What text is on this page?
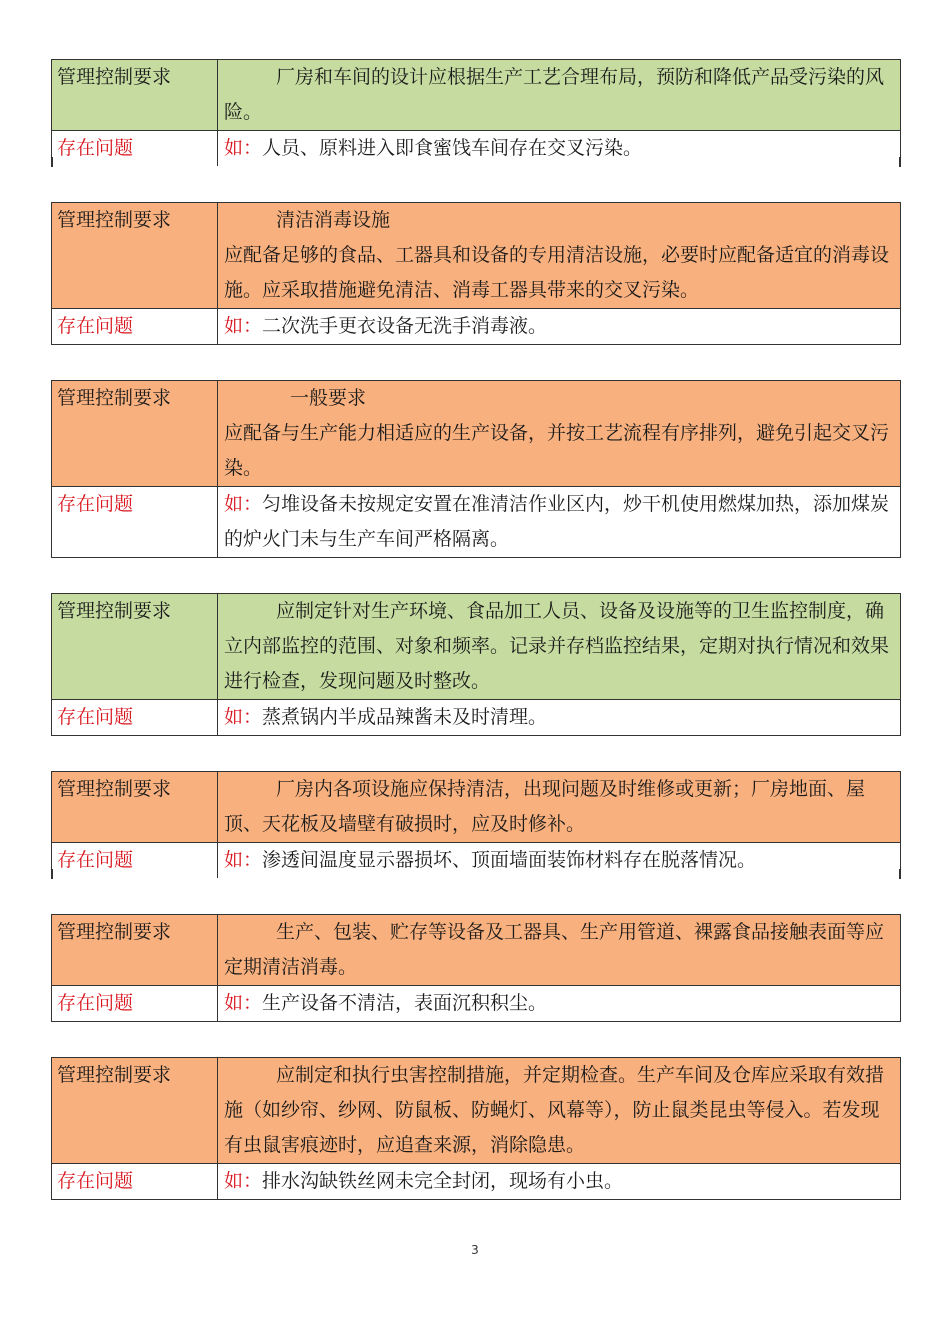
管理控制要求	厂房和车间的设计应根据生产工艺合理布局，预防和降低产品受污染的风险。
存在问题	如：人员、原料进入即食蜜饯车间存在交叉污染。
管理控制要求	清洁消毒设施
应配备足够的食品、工器具和设备的专用清洁设施，必要时应配备适宜的消毒设施。应采取措施避免清洁、消毒工器具带来的交叉污染。
存在问题	如：二次洗手更衣设备无洗手消毒液。
管理控制要求	一般要求
应配备与生产能力相适应的生产设备，并按工艺流程有序排列，避免引起交叉污染。
存在问题	如：匀堆设备未按规定安置在准清洁作业区内，炒干机使用燃煤加热，添加煤炭的炉火门未与生产车间严格隔离。
管理控制要求	应制定针对生产环境、食品加工人员、设备及设施等的卫生监控制度，确立内部监控的范围、对象和频率。记录并存档监控结果，定期对执行情况和效果进行检查，发现问题及时整改。
存在问题	如：蒸煮锅内半成品辣酱未及时清理。
管理控制要求	厂房内各项设施应保持清洁，出现问题及时维修或更新；厂房地面、屋顶、天花板及墙壁有破损时，应及时修补。
存在问题	如：渗透间温度显示器损坏、顶面墙面装饰材料存在脱落情况。
管理控制要求	生产、包装、贮存等设备及工器具、生产用管道、裸露食品接触表面等应定期清洁消毒。
存在问题	如：生产设备不清洁，表面沉积积尘。
管理控制要求	应制定和执行虫害控制措施，并定期检查。生产车间及仓库应采取有效措施（如纱帘、纱网、防鼠板、防蝇灯、风幕等），防止鼠类昆虫等侵入。若发现有虫鼠害痕迹时，应追查来源，消除隐患。
存在问题	如：排水沟缺铁丝网未完全封闭，现场有小虫。
3
